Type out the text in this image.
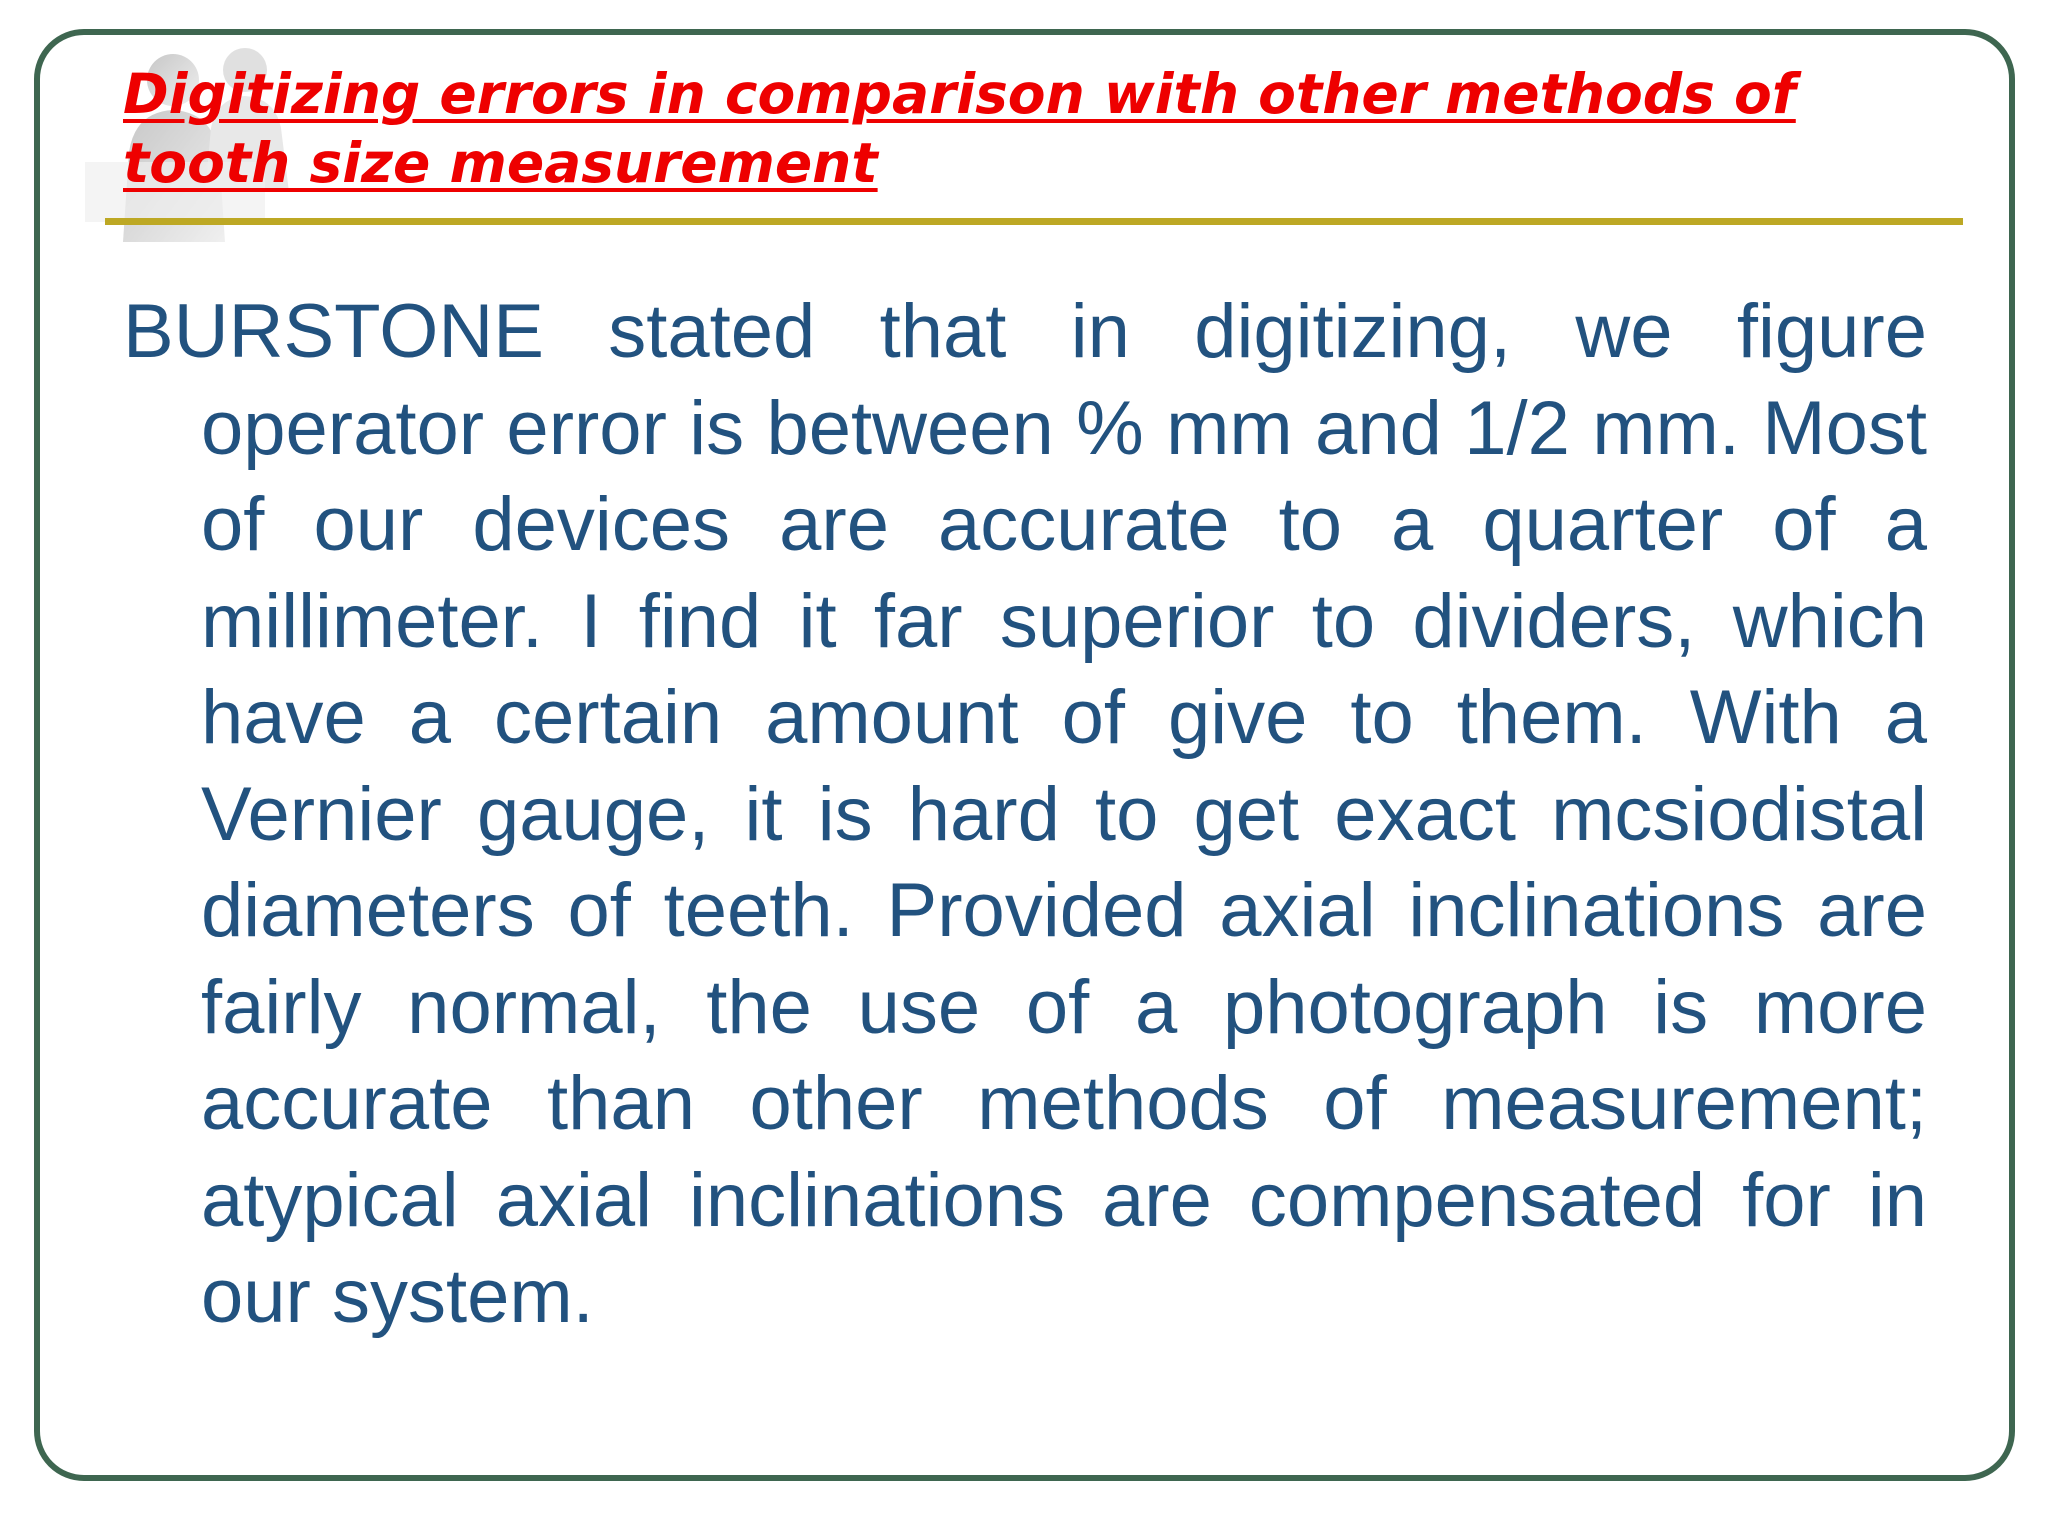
Digitizing errors in comparison with other methods of tooth size measurement

BURSTONE stated that in digitizing, we figure operator error is between % mm and 1/2 mm. Most of our devices are accurate to a quarter of a millimeter. I find it far superior to dividers, which have a certain amount of give to them. With a Vernier gauge, it is hard to get exact mcsiodistal diameters of teeth. Provided axial inclinations are fairly normal, the use of a photograph is more accurate than other methods of measurement; atypical axial inclinations are compensated for in our system.
